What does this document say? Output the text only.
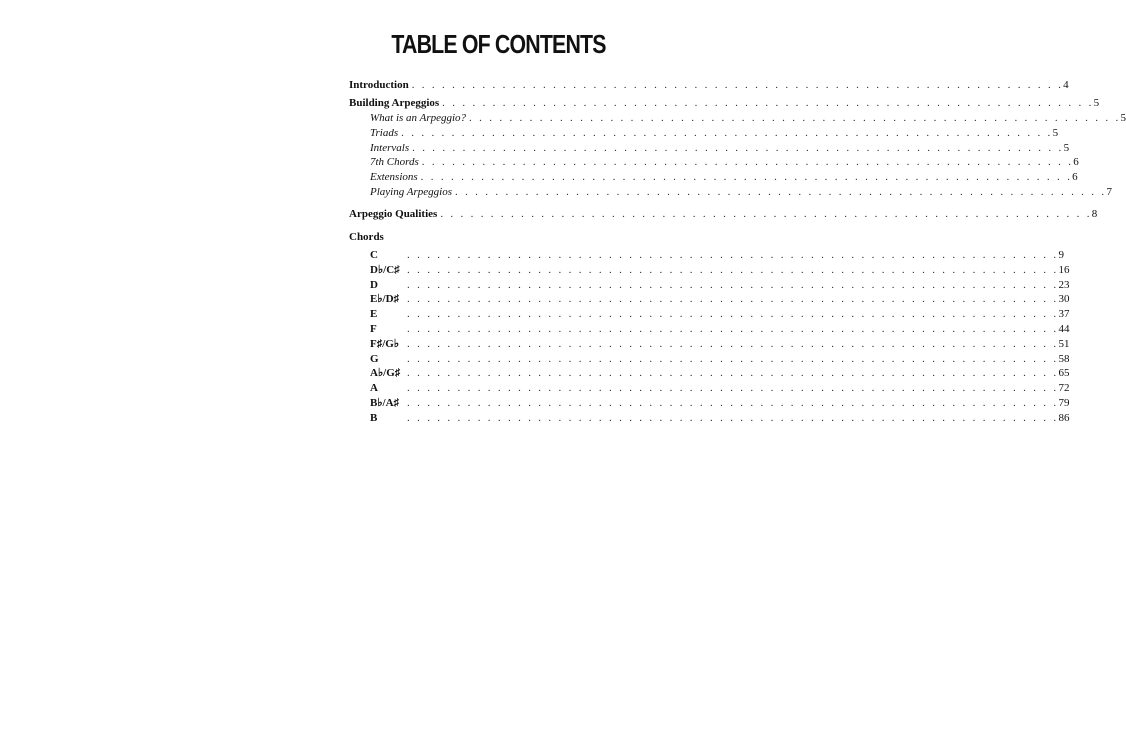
TABLE OF CONTENTS
Introduction . . . . . . . . . . . . . . . . . . . . . . . . . . . . . . . . . . . . . . . . . . . . . . . . . . . . . . . . . . . . . . . . . 4
Building Arpeggios . . . . . . . . . . . . . . . . . . . . . . . . . . . . . . . . . . . . . . . . . . . . . . . . . . . . . . . . . . . . . . . . . 5
What is an Arpeggio? . . . . . . . . . . . . . . . . . . . . . . . . . . . . . . . . . . . . . . . . . . . . . . . . . . . . . . . . . . . . . . . . . 5
Triads . . . . . . . . . . . . . . . . . . . . . . . . . . . . . . . . . . . . . . . . . . . . . . . . . . . . . . . . . . . . . . . . . 5
Intervals . . . . . . . . . . . . . . . . . . . . . . . . . . . . . . . . . . . . . . . . . . . . . . . . . . . . . . . . . . . . . . . . . 5
7th Chords . . . . . . . . . . . . . . . . . . . . . . . . . . . . . . . . . . . . . . . . . . . . . . . . . . . . . . . . . . . . . . . . . 6
Extensions . . . . . . . . . . . . . . . . . . . . . . . . . . . . . . . . . . . . . . . . . . . . . . . . . . . . . . . . . . . . . . . . . 6
Playing Arpeggios . . . . . . . . . . . . . . . . . . . . . . . . . . . . . . . . . . . . . . . . . . . . . . . . . . . . . . . . . . . . . . . . . 7
Arpeggio Qualities . . . . . . . . . . . . . . . . . . . . . . . . . . . . . . . . . . . . . . . . . . . . . . . . . . . . . . . . . . . . . . . . . 8
Chords
C	. . . . . . . . . . . . . . . . . . . . . . . . . . . . . . . . . . . . . . . . . . . . . . . . . . . . . . . . . . . . . . . . . 9
D♭/C♯ . . . . . . . . . . . . . . . . . . . . . . . . . . . . . . . . . . . . . . . . . . . . . . . . . . . . . . . . . . . . . . . . . 16
D	. . . . . . . . . . . . . . . . . . . . . . . . . . . . . . . . . . . . . . . . . . . . . . . . . . . . . . . . . . . . . . . . . 23
E♭/D♯ . . . . . . . . . . . . . . . . . . . . . . . . . . . . . . . . . . . . . . . . . . . . . . . . . . . . . . . . . . . . . . . . . 30
E	. . . . . . . . . . . . . . . . . . . . . . . . . . . . . . . . . . . . . . . . . . . . . . . . . . . . . . . . . . . . . . . . . 37
F	. . . . . . . . . . . . . . . . . . . . . . . . . . . . . . . . . . . . . . . . . . . . . . . . . . . . . . . . . . . . . . . . . 44
F♯/G♭ . . . . . . . . . . . . . . . . . . . . . . . . . . . . . . . . . . . . . . . . . . . . . . . . . . . . . . . . . . . . . . . . . 51
G	. . . . . . . . . . . . . . . . . . . . . . . . . . . . . . . . . . . . . . . . . . . . . . . . . . . . . . . . . . . . . . . . . 58
A♭/G♯ . . . . . . . . . . . . . . . . . . . . . . . . . . . . . . . . . . . . . . . . . . . . . . . . . . . . . . . . . . . . . . . . . 65
A	. . . . . . . . . . . . . . . . . . . . . . . . . . . . . . . . . . . . . . . . . . . . . . . . . . . . . . . . . . . . . . . . . 72
B♭/A♯ . . . . . . . . . . . . . . . . . . . . . . . . . . . . . . . . . . . . . . . . . . . . . . . . . . . . . . . . . . . . . . . . . 79
B	. . . . . . . . . . . . . . . . . . . . . . . . . . . . . . . . . . . . . . . . . . . . . . . . . . . . . . . . . . . . . . . . . 86
